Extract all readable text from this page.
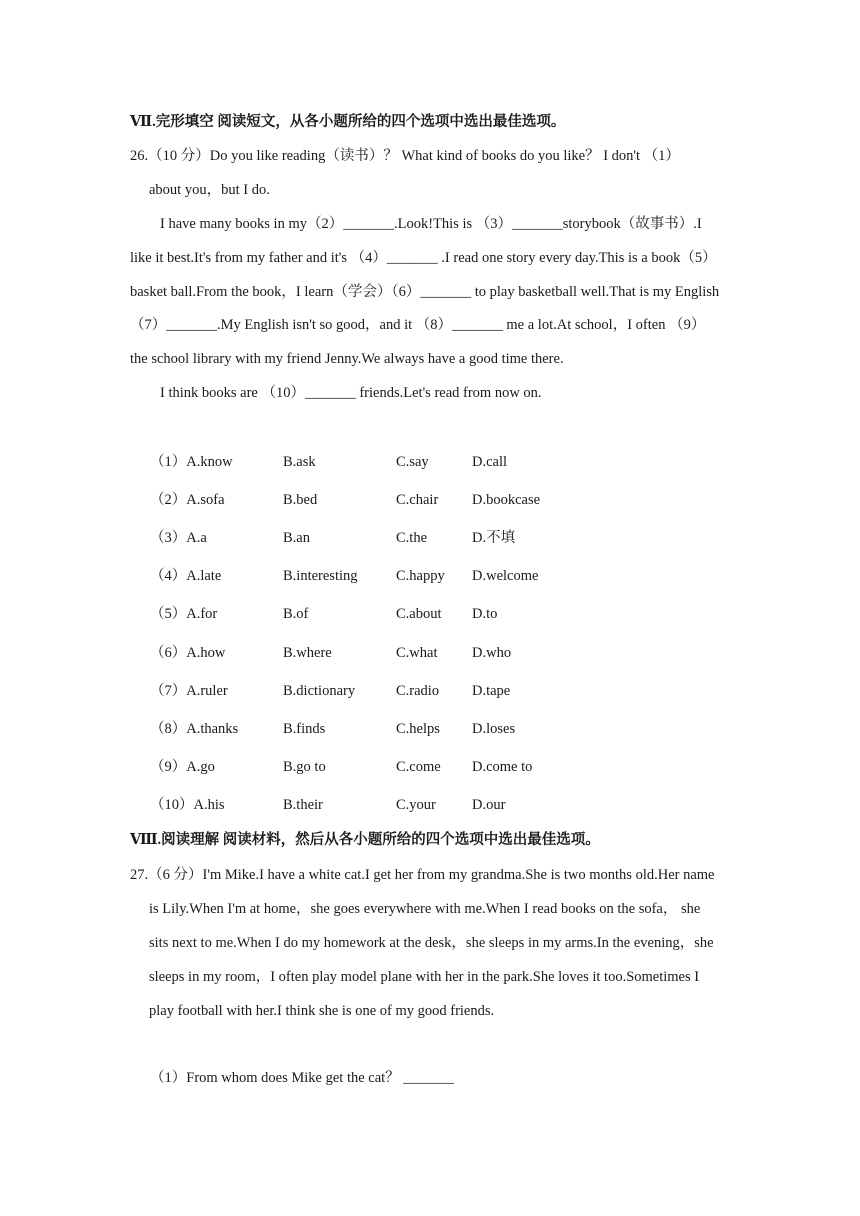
Ⅶ.完形填空 阅读短文，从各小题所给的四个选项中选出最佳选项。
26.（10 分）Do you like reading（读书）？ What kind of books do you like？ I don't （1）
about you，but I do.
I have many books in my（2）_______.Look!This is （3）_______storybook（故事书）.I
like it best.It's from my father and it's （4）_______ .I read one story every day.This is a book（5）
basket ball.From the book，I learn（学会）（6）_______ to play basketball well.That is my English
（7）_______.My English isn't so good，and it （8）_______ me a lot.At school，I often （9）
the school library with my friend Jenny.We always have a good time there.
I think books are （10）_______ friends.Let's read from now on.
（1）A.know	B.ask	C.say	D.call
（2）A.sofa	B.bed	C.chair D.bookcase
（3）A.a	B.an	C.the	D.不填
（4）A.late	B.interesting	C.happy D.welcome
（5）A.for	B.of	C.about D.to
（6）A.how	B.where	C.what D.who
（7）A.ruler	B.dictionary	C.radio D.tape
（8）A.thanks	B.finds	C.helps D.loses
（9）A.go	B.go to	C.come D.come to
（10）A.his	B.their	C.your D.our
Ⅷ.阅读理解 阅读材料，然后从各小题所给的四个选项中选出最佳选项。
27.（6 分）I'm Mike.I have a white cat.I get her from my grandma.She is two months old.Her name
is Lily.When I'm at home，she goes everywhere with me.When I read books on the sofa， she
sits next to me.When I do my homework at the desk，she sleeps in my arms.In the evening，she
sleeps in my room，I often play model plane with her in the park.She loves it too.Sometimes I
play football with her.I think she is one of my good friends.
（1）From whom does Mike get the cat？ _______
